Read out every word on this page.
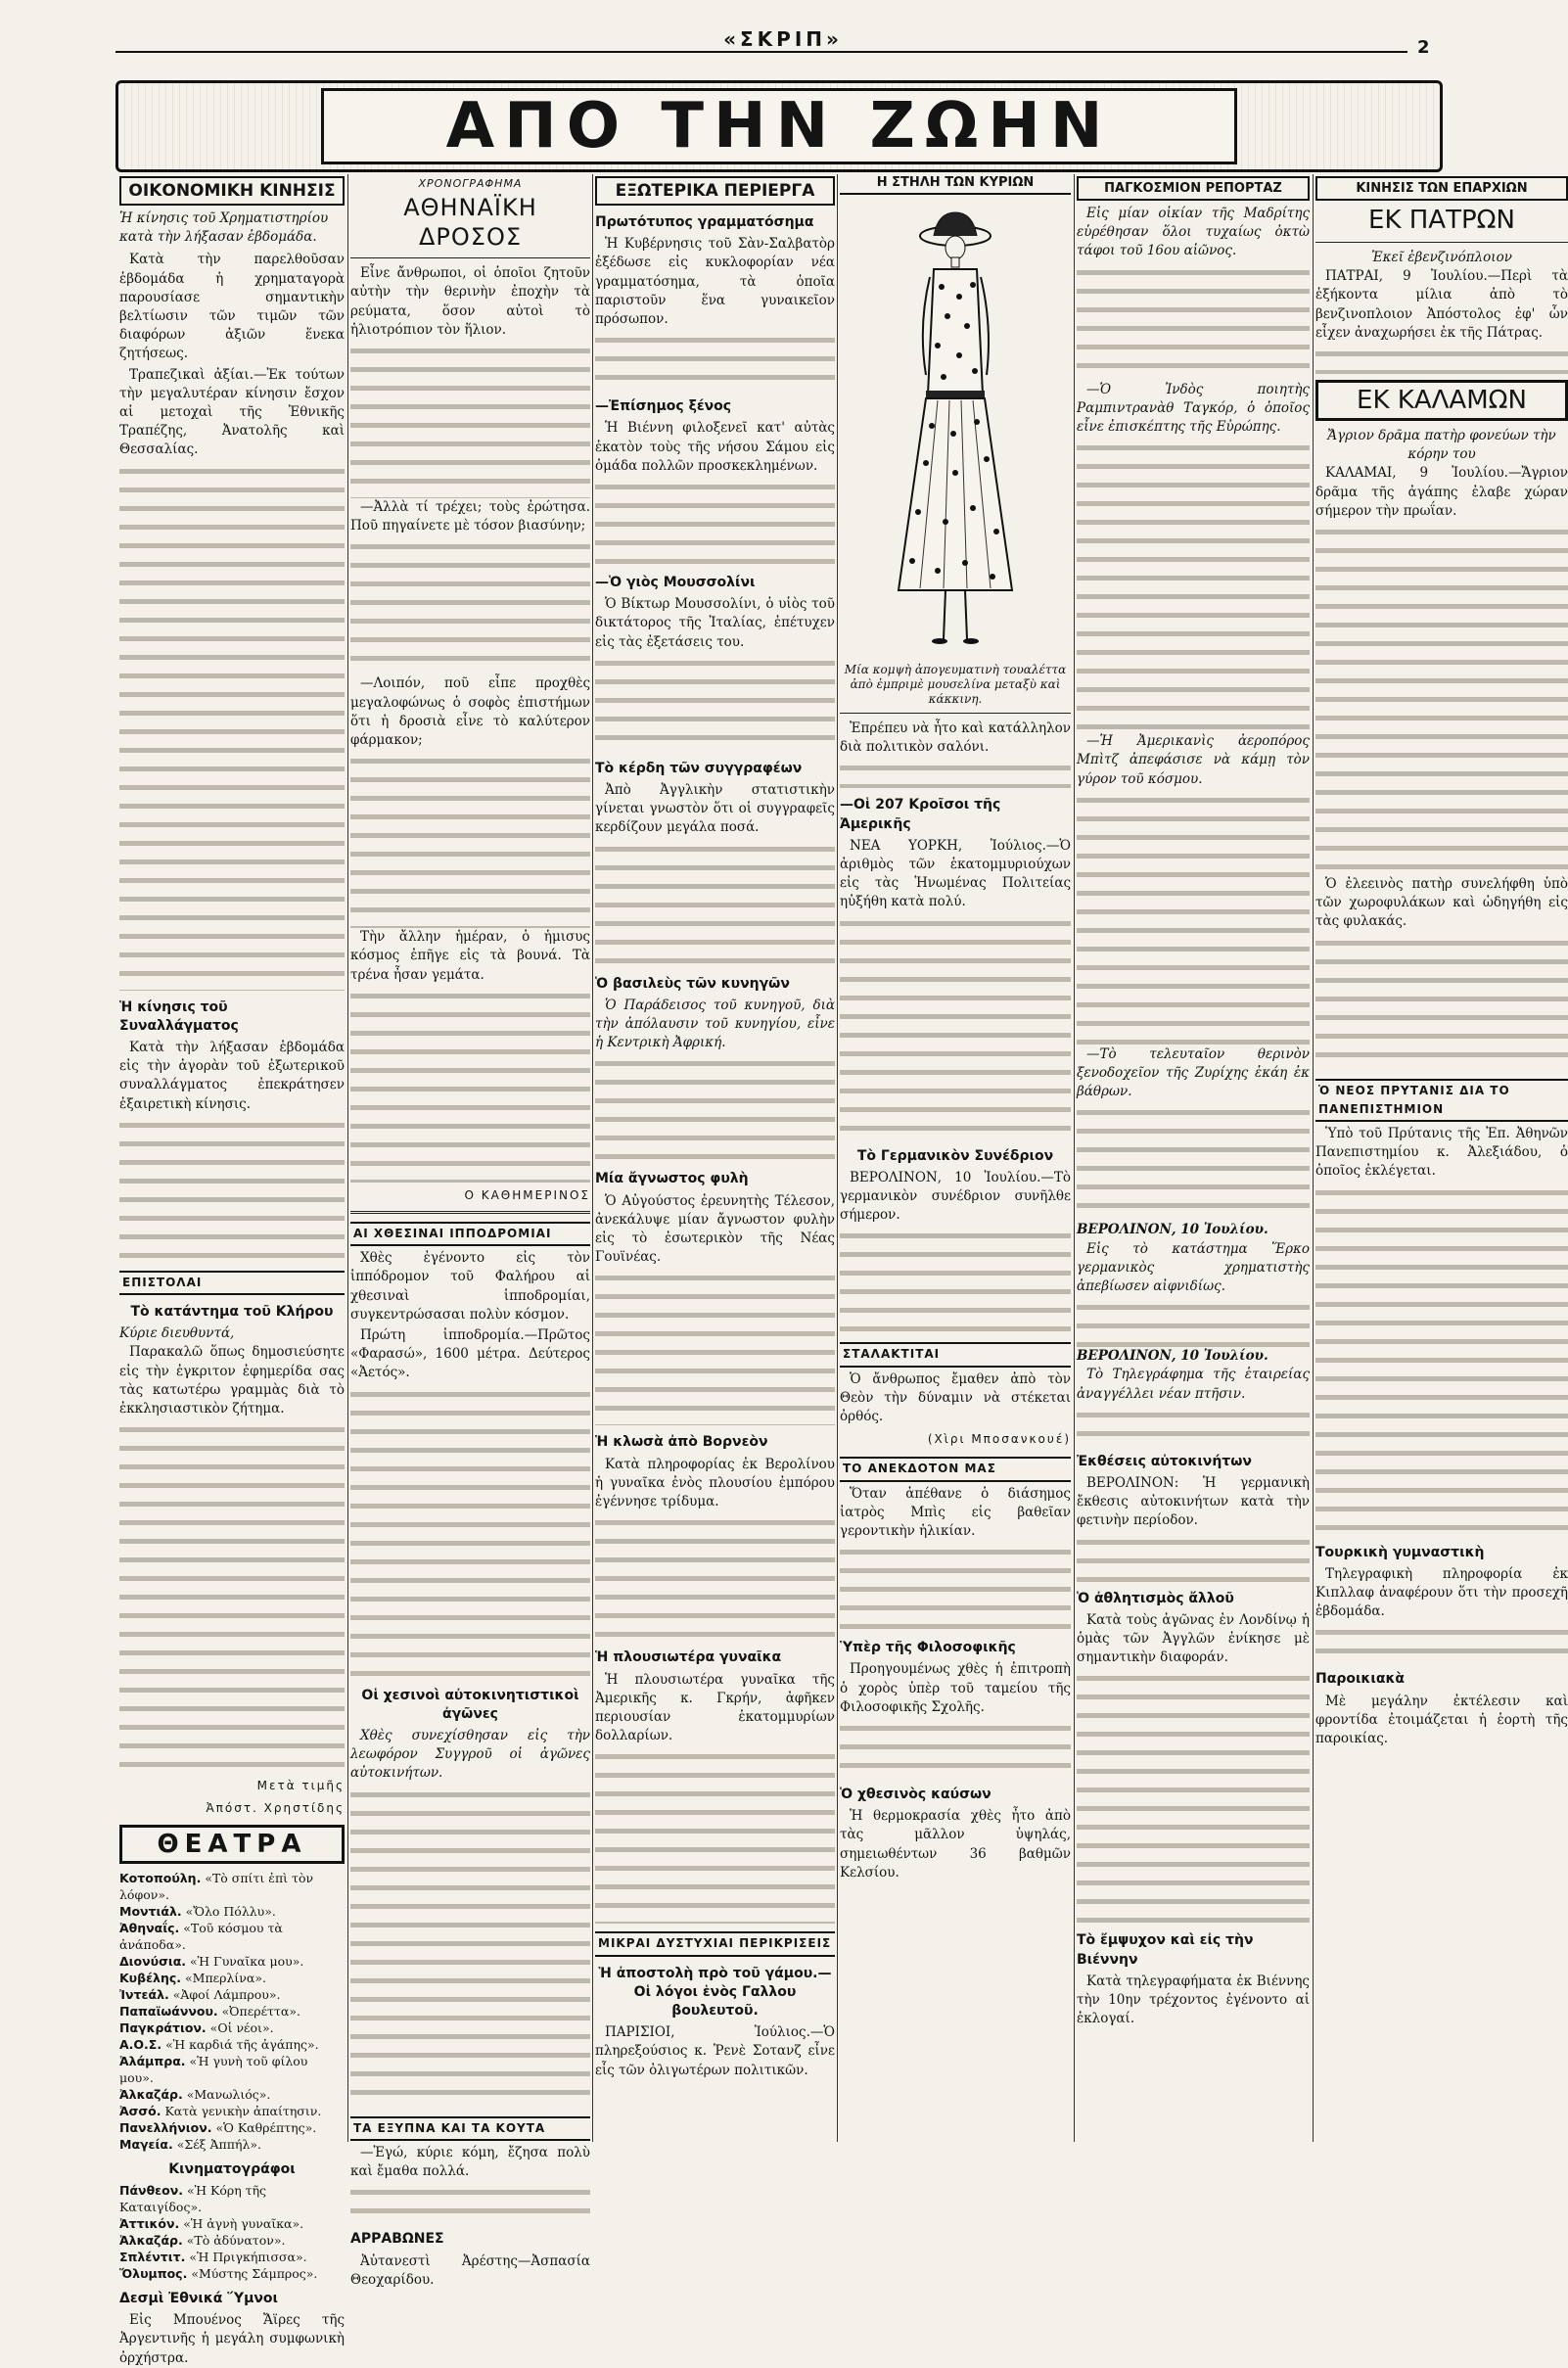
«ΣΚΡΙΠ»	2
ΑΠΟ ΤΗΝ ΖΩΗΝ
ΟΙΚΟΝΟΜΙΚΗ ΚΙΝΗΣΙΣ
Ἡ κίνησις τοῦ Χρηματιστηρίου κατὰ τὴν λήξασαν ἑβδομάδα.

Κατὰ τὴν παρελθοῦσαν ἑβδομάδα ἡ χρηματαγορὰ παρουσίασε σημαντικὴν βελτίωσιν τῶν τιμῶν τῶν διαφόρων ἀξιῶν ἕνεκα ζητήσεως.

Τραπεζικαὶ ἀξίαι.—Ἐκ τούτων τὴν μεγαλυτέραν κίνησιν ἔσχον αἱ μετοχαὶ τῆς Ἐθνικῆς Τραπέζης, Ἀνατολῆς καὶ Θεσσαλίας.

Ἡ κίνησις τοῦ Συναλλάγματος

Κατὰ τὴν λήξασαν ἑβδομάδα εἰς τὴν ἀγορὰν τοῦ ἐξωτερικοῦ συναλλάγματος ἐπεκράτησεν ἐξαιρετικὴ κίνησις.

ΕΠΙΣΤΟΛΑΙ
Τὸ κατάντημα τοῦ Κλήρου
Κύριε διευθυντά,

Παρακαλῶ ὅπως δημοσιεύσητε εἰς τὴν ἐγκριτον ἐφημερίδα σας τὰς κατωτέρω γραμμὰς διὰ τὸ ἐκκλησιαστικὸν ζήτημα.

Μετὰ τιμῆς
Ἀπόστ. Χρηστίδης
ΘΕΑΤΡΑ
Κοτοπούλη. «Τὸ σπίτι ἐπὶ τὸν λόφον».
Μοντιάλ. «Ὄλο Πόλλυ».
Ἀθηναΐς. «Τοῦ κόσμου τὰ ἀνάποδα».
Διονύσια. «Ἡ Γυναῖκα μου».
Κυβέλης. «Μπερλίνα».
Ἰντεάλ. «Ἀφοί Λάμπρου».
Παπαϊωάννου. «Ὀπερέττα».
Παγκράτιον. «Οἱ νέοι».
Α.Ο.Σ. «Ἡ καρδιά τῆς ἀγάπης».
Ἀλάμπρα. «Ἡ γυνὴ τοῦ φίλου μου».
Ἀλκαζάρ. «Μανωλιός».
Ἀσσό. Κατὰ γενικὴν ἀπαίτησιν.
Πανελλήνιον. «Ὁ Καθρέπτης».
Μαγεία. «Σέξ Ἀππήλ».
Κινηματογράφοι
Πάνθεον. «Ἡ Κόρη τῆς Καταιγίδος».
Ἀττικόν. «Ἡ ἀγνὴ γυναῖκα».
Ἀλκαζάρ. «Τὸ ἀδύνατον».
Σπλέντιτ. «Ἡ Πριγκήπισσα».
Ὄλυμπος. «Μύστης Σάμπρος».
Δεσμὶ Ἐθνικά Ὕμνοι

Εἰς Μπουένος Ἄϊρες τῆς Ἀργεντινῆς ἡ μεγάλη συμφωνικὴ ὀρχήστρα.

ΧΡΟΝΟΓΡΑΦΗΜΑ
ΑΘΗΝΑΪΚΗ ΔΡΟΣΟΣ

Εἶνε ἄνθρωποι, οἱ ὁποῖοι ζητοῦν αὐτὴν τὴν θερινὴν ἐποχὴν τὰ ρεύματα, ὅσον αὐτοὶ τὸ ἡλιοτρόπιον τὸν ἥλιον.

—Ἀλλὰ τί τρέχει; τοὺς ἐρώτησα. Ποῦ πηγαίνετε μὲ τόσον βιασύνην;

—Λοιπόν, ποῦ εἶπε προχθὲς μεγαλοφώνως ὁ σοφὸς ἐπιστήμων ὅτι ἡ δροσιὰ εἶνε τὸ καλύτερον φάρμακον;

Τὴν ἄλλην ἡμέραν, ὁ ἡμισυς κόσμος ἐπῆγε εἰς τὰ βουνά. Τὰ τρένα ἦσαν γεμάτα.

Ο ΚΑΘΗΜΕΡΙΝΟΣ
ΑΙ ΧΘΕΣΙΝΑΙ ΙΠΠΟΔΡΟΜΙΑΙ

Χθὲς ἐγένοντο εἰς τὸν ἱππόδρομον τοῦ Φαλήρου αἱ χθεσιναὶ ἱπποδρομίαι, συγκεντρώσασαι πολὺν κόσμον.

Πρώτη ἱπποδρομία.—Πρῶτος «Φαρασώ», 1600 μέτρα. Δεύτερος «Ἀετός».

Οἱ χεσινοὶ αὐτοκινητιστικοὶ ἀγῶνες

Χθὲς συνεχίσθησαν εἰς τὴν λεωφόρον Συγγροῦ οἱ ἀγῶνες αὐτοκινήτων.

ΤΑ ΕΞΥΠΝΑ ΚΑΙ ΤΑ ΚΟΥΤΑ

—Ἐγώ, κύριε κόμη, ἔζησα πολὺ καὶ ἔμαθα πολλά.

ΑΡΡΑΒΩΝΕΣ

Ἀὐτανεστὶ Ἀρέστης—Ἀσπασία Θεοχαρίδου.

ΕΞΩΤΕΡΙΚΑ ΠΕΡΙΕΡΓΑ
Πρωτότυπος γραμματόσημα

Ἡ Κυβέρνησις τοῦ Σὰν-Σαλβατὸρ ἐξέδωσε εἰς κυκλοφορίαν νέα γραμματόσημα, τὰ ὁποῖα παριστοῦν ἕνα γυναικεῖον πρόσωπον.

—Ἐπίσημος ξένος

Ἡ Βιέννη φιλοξενεῖ κατ' αὐτὰς ἐκατὸν τοὺς τῆς νήσου Σάμου εἰς ὁμάδα πολλῶν προσκεκλημένων.

—Ὁ γιὸς Μουσσολίνι

Ὁ Βίκτωρ Μουσσολίνι, ὁ υἱὸς τοῦ δικτάτορος τῆς Ἰταλίας, ἐπέτυχεν εἰς τὰς ἐξετάσεις του.

Τὸ κέρδη τῶν συγγραφέων

Ἀπὸ Ἀγγλικὴν στατιστικὴν γίνεται γνωστὸν ὅτι οἱ συγγραφεῖς κερδίζουν μεγάλα ποσά.

Ὁ βασιλεὺς τῶν κυνηγῶν

Ὁ Παράδεισος τοῦ κυνηγοῦ, διὰ τὴν ἀπόλαυσιν τοῦ κυνηγίου, εἶνε ἡ Κεντρικὴ Ἀφρική.

Μία ἄγνωστος φυλὴ

Ὁ Αὐγούστος ἐρευνητὴς Τέλεσον, ἀνεκάλυψε μίαν ἄγνωστον φυλὴν εἰς τὸ ἐσωτερικὸν τῆς Νέας Γουϊνέας.

Ἡ κλωσὰ ἀπὸ Βορνεὸν

Κατὰ πληροφορίας ἐκ Βερολίνου ἡ γυναῖκα ἐνὸς πλουσίου ἐμπόρου ἐγέννησε τρίδυμα.

Ἡ πλουσιωτέρα γυναῖκα

Ἡ πλουσιωτέρα γυναῖκα τῆς Ἀμερικῆς κ. Γκρήν, ἀφῆκεν περιουσίαν ἑκατομμυρίων δολλαρίων.

ΜΙΚΡΑΙ ΔΥΣΤΥΧΙΑΙ ΠΕΡΙΚΡΙΣΕΙΣ
Ἡ ἀποστολὴ πρὸ τοῦ γάμου.—Οἱ λόγοι ἑνὸς Γαλλου βουλευτοῦ.

ΠΑΡΙΣΙΟΙ, Ἰούλιος.—Ὁ πληρεξούσιος κ. Ῥενὲ Σοτανζ εἶνε εἷς τῶν ὀλιγωτέρων πολιτικῶν.

Η ΣΤΗΛΗ ΤΩΝ ΚΥΡΙΩΝ
Μία κομψὴ ἀπογευματινὴ τουαλέττα ἀπὸ ἐμπριμὲ μουσελίνα μεταξὺ καὶ κάκκινη.

Ἐπρέπευ νὰ ἦτο καὶ κατάλληλον διὰ πολιτικὸν σαλόνι.

—Οἱ 207 Κροῖσοι τῆς Ἀμερικῆς

ΝΕΑ ΥΟΡΚΗ, Ἰούλιος.—Ὁ ἀριθμὸς τῶν ἑκατομμυριούχων εἰς τὰς Ἡνωμένας Πολιτείας ηὐξήθη κατὰ πολύ.

Τὸ Γερμανικὸν Συνέδριον

ΒΕΡΟΛΙΝΟΝ, 10 Ἰουλίου.—Τὸ γερμανικὸν συνέδριον συνῆλθε σήμερον.

ΣΤΑΛΑΚΤΙΤΑΙ

Ὁ ἄνθρωπος ἔμαθεν ἀπὸ τὸν Θεὸν τὴν δύναμιν νὰ στέκεται ὀρθός.

(Χὶρι Μποσανκουέ)
ΤΟ ΑΝΕΚΔΟΤΟΝ ΜΑΣ

Ὅταν ἀπέθανε ὁ διάσημος ἰατρὸς Μπὶς εἰς βαθεῖαν γεροντικὴν ἡλικίαν.

Ὑπὲρ τῆς Φιλοσοφικῆς

Προηγουμένως χθὲς ἡ ἐπιτροπὴ ὁ χορὸς ὑπὲρ τοῦ ταμείου τῆς Φιλοσοφικῆς Σχολῆς.

Ὁ χθεσινὸς καύσων

Ἡ θερμοκρασία χθὲς ἦτο ἀπὸ τὰς μᾶλλον ὑψηλάς, σημειωθέντων 36 βαθμῶν Κελσίου.

ΠΑΓΚΟΣΜΙΟΝ ΡΕΠΟΡΤΑΖ

Εἰς μίαν οἰκίαν τῆς Μαδρίτης εὑρέθησαν ὅλοι τυχαίως ὀκτὼ τάφοι τοῦ 16ου αἰῶνος.

—Ὁ Ἰνδὸς ποιητὴς Ραμπιντρανὰθ Ταγκόρ, ὁ ὁποῖος εἶνε ἐπισκέπτης τῆς Εὐρώπης.

—Ἡ Ἀμερικανὶς ἀεροπόρος Μπὶτζ ἀπεφάσισε νὰ κάμῃ τὸν γύρον τοῦ κόσμου.

—Τὸ τελευταῖον θερινὸν ξενοδοχεῖον τῆς Ζυρίχης ἐκάη ἐκ βάθρων.

ΒΕΡΟΛΙΝΟΝ, 10 Ἰουλίου.

Εἰς τὸ κατάστημα Ἕρκο γερμανικὸς χρηματιστὴς ἀπεβίωσεν αἰφνιδίως.

ΒΕΡΟΛΙΝΟΝ, 10 Ἰουλίου.

Τὸ Τηλεγράφημα τῆς ἑταιρείας ἀναγγέλλει νέαν πτῆσιν.

Ἐκθέσεις αὐτοκινήτων

ΒΕΡΟΛΙΝΟΝ: Ἡ γερμανικὴ ἔκθεσις αὐτοκινήτων κατὰ τὴν φετινὴν περίοδον.

Ὁ ἀθλητισμὸς ἄλλοῦ

Κατὰ τοὺς ἀγῶνας ἐν Λονδίνῳ ἡ ὁμὰς τῶν Ἀγγλῶν ἐνίκησε μὲ σημαντικὴν διαφοράν.

Τὸ ἔμψυχον καὶ εἰς τὴν Βιέννην

Κατὰ τηλεγραφήματα ἐκ Βιέννης τὴν 10ην τρέχοντος ἐγένοντο αἱ ἐκλογαί.

ΚΙΝΗΣΙΣ ΤΩΝ ΕΠΑΡΧΙΩΝ
ΕΚ ΠΑΤΡΩΝ
Ἐκεῖ ἐβενζινόπλοιον

ΠΑΤΡΑΙ, 9 Ἰουλίου.—Περὶ τὰ ἑξήκοντα μίλια ἀπὸ τὸ βενζινοπλοιον Ἀπόστολος ἐφ' ὧν εἶχεν ἀναχωρήσει ἐκ τῆς Πάτρας.

ΕΚ ΚΑΛΑΜΩΝ
Ἄγριον δρᾶμα πατὴρ φονεύων τὴν κόρην του

ΚΑΛΑΜΑΙ, 9 Ἰουλίου.—Ἄγριον δρᾶμα τῆς ἀγάπης ἐλαβε χώραν σήμερον τὴν πρωΐαν.

Ὁ ἐλεεινὸς πατὴρ συνελήφθη ὑπὸ τῶν χωροφυλάκων καὶ ὡδηγήθη εἰς τὰς φυλακάς.

Ὁ ΝΕΟΣ ΠΡΥΤΑΝΙΣ ΔΙΑ ΤΟ ΠΑΝΕΠΙΣΤΗΜΙΟΝ

Ὑπὸ τοῦ Πρύτανις τῆς Ἐπ. Ἀθηνῶν Πανεπιστημίου κ. Ἀλεξιάδου, ὁ ὁποῖος ἐκλέγεται.

Τουρκικὴ γυμναστικὴ

Τηλεγραφικὴ πληροφορία ἐκ Κιπλλαφ ἀναφέρουν ὅτι τὴν προσεχῆ ἑβδομάδα.

Παροικιακὰ

Μὲ μεγάλην ἐκτέλεσιν καὶ φροντίδα ἐτοιμάζεται ἡ ἑορτὴ τῆς παροικίας.
